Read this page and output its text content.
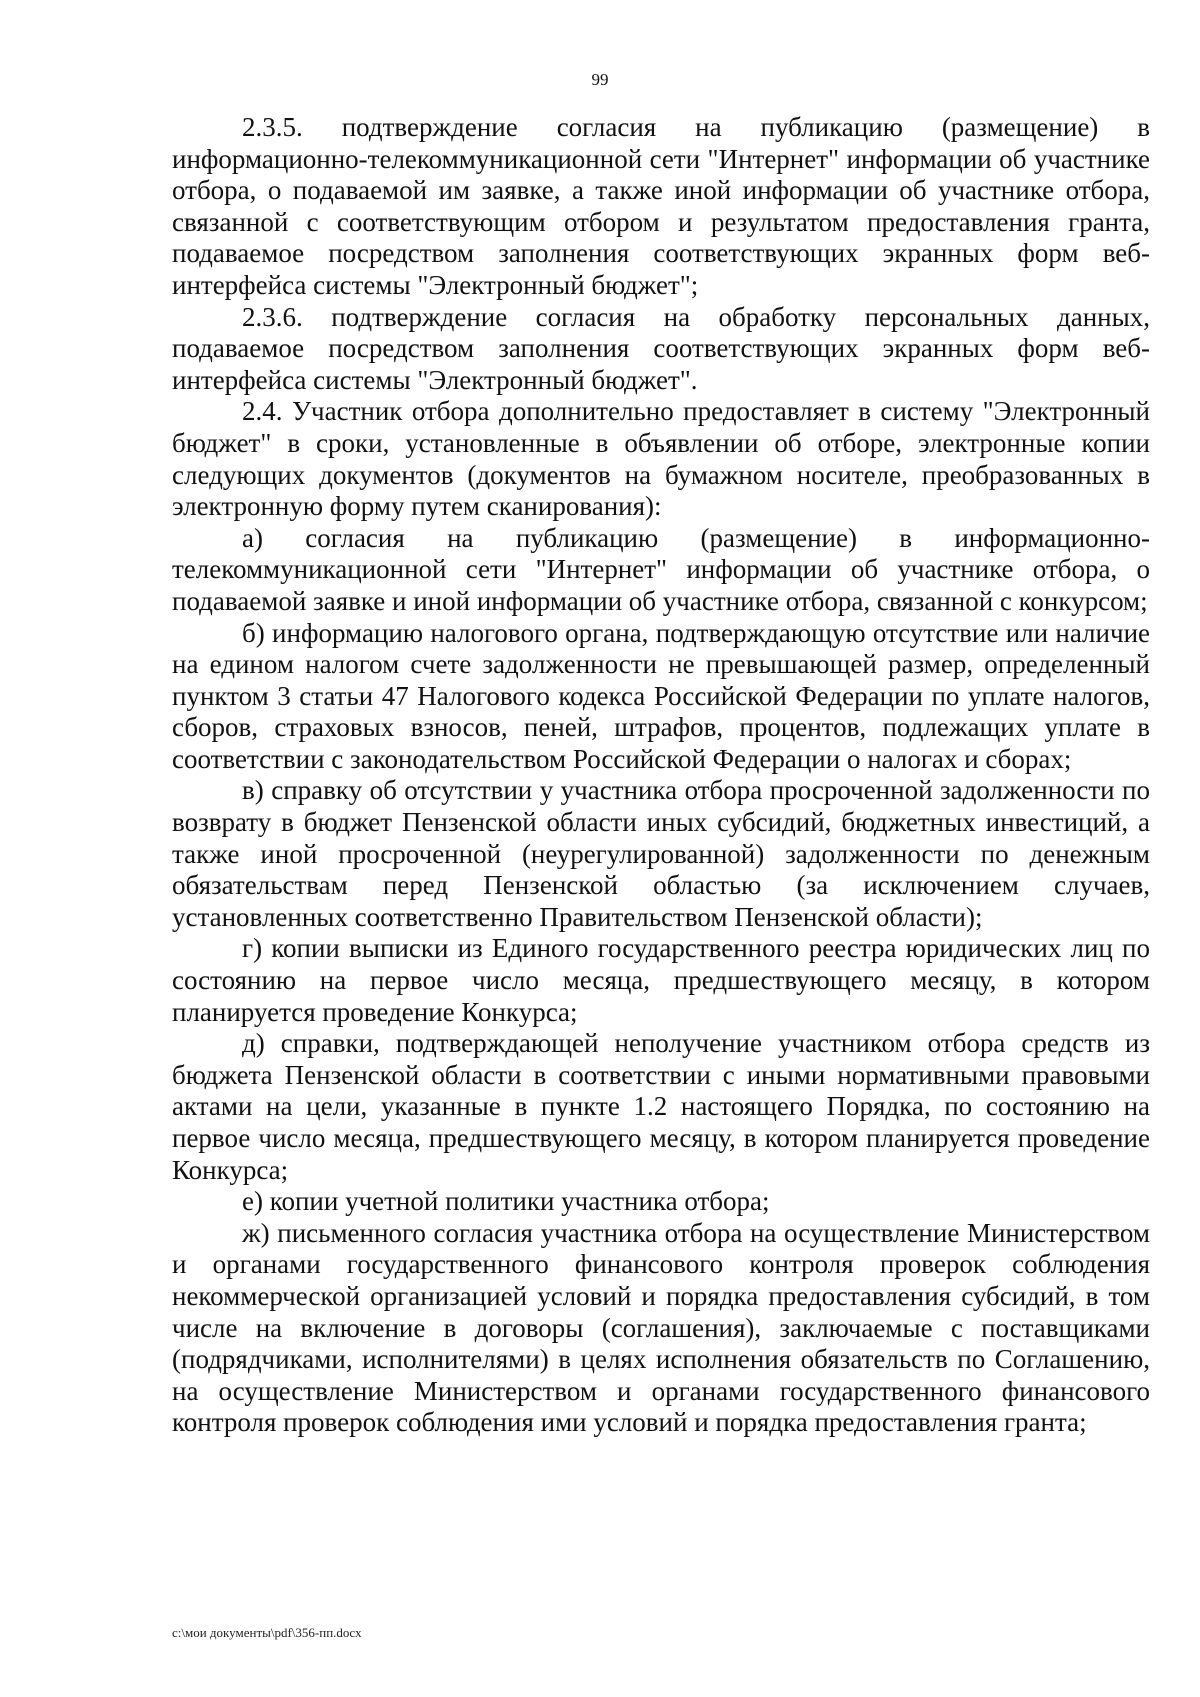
99

2.3.5. подтверждение согласия на публикацию (размещение) в информационно-телекоммуникационной сети "Интернет" информации об участнике отбора, о подаваемой им заявке, а также иной информации об участнике отбора, связанной с соответствующим отбором и результатом предоставления гранта, подаваемое посредством заполнения соответствующих экранных форм веб-интерфейса системы "Электронный бюджет";

2.3.6. подтверждение согласия на обработку персональных данных, подаваемое посредством заполнения соответствующих экранных форм веб-интерфейса системы "Электронный бюджет".

2.4. Участник отбора дополнительно предоставляет в систему "Электронный бюджет" в сроки, установленные в объявлении об отборе, электронные копии следующих документов (документов на бумажном носителе, преобразованных в электронную форму путем сканирования):

а) согласия на публикацию (размещение) в информационно-телекоммуникационной сети "Интернет" информации об участнике отбора, о подаваемой заявке и иной информации об участнике отбора, связанной с конкурсом;

б) информацию налогового органа, подтверждающую отсутствие или наличие на едином налогом счете задолженности не превышающей размер, определенный пунктом 3 статьи 47 Налогового кодекса Российской Федерации по уплате налогов, сборов, страховых взносов, пеней, штрафов, процентов, подлежащих уплате в соответствии с законодательством Российской Федерации о налогах и сборах;

в) справку об отсутствии у участника отбора просроченной задолженности по возврату в бюджет Пензенской области иных субсидий, бюджетных инвестиций, а также иной просроченной (неурегулированной) задолженности по денежным обязательствам перед Пензенской областью (за исключением случаев, установленных соответственно Правительством Пензенской области);

г) копии выписки из Единого государственного реестра юридических лиц по состоянию на первое число месяца, предшествующего месяцу, в котором планируется проведение Конкурса;

д) справки, подтверждающей неполучение участником отбора средств из бюджета Пензенской области в соответствии с иными нормативными правовыми актами на цели, указанные в пункте 1.2 настоящего Порядка, по состоянию на первое число месяца, предшествующего месяцу, в котором планируется проведение Конкурса;

е) копии учетной политики участника отбора;

ж) письменного согласия участника отбора на осуществление Министерством и органами государственного финансового контроля проверок соблюдения некоммерческой организацией условий и порядка предоставления субсидий, в том числе на включение в договоры (соглашения), заключаемые с поставщиками (подрядчиками, исполнителями) в целях исполнения обязательств по Соглашению, на осуществление Министерством и органами государственного финансового контроля проверок соблюдения ими условий и порядка предоставления гранта;

c:\мои документы\pdf\356-пп.docx
